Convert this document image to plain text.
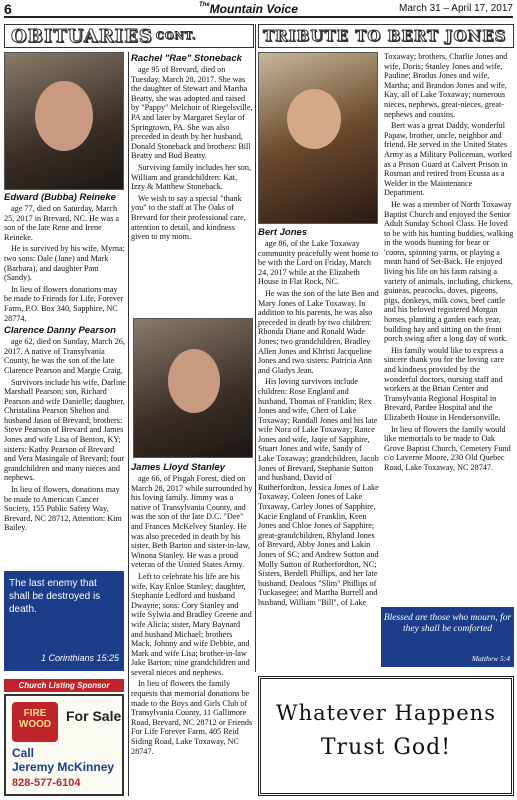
6	$^{The}$Mountain Voice	March 31 – April 17, 2017
OBITUARIES CONT.	TRIBUTE TO BERT JONES
Edward (Bubba) Reineke

age 77, died on Saturday, March 25, 2017 in Brevard, NC. He was a son of the late Rene and Irene Reineke.

He is survived by his wife, Myrna; two sons: Dale (Jane) and Mark (Barbara), and daughter Pam (Sandy).

In lieu of flowers donations may be made to Friends for Life, Forever Farm, P.O. Box 340, Sapphire, NC 28774.

Clarence Danny Pearson

age 62, died on Sunday, March 26, 2017. A native of Transylvania County, he was the son of the late Clarence Pearson and Margie Craig.

Survivors include his wife, Darline Marshall Pearson; son, Richard Pearson and wife Danielle; daughter, Christalina Pearson Shelton and husband Jason of Brevard; brothers: Steve Pearson of Brevard and James Jones and wife Lisa of Benton, KY; sisters: Kathy Pearson of Brevard and Vera Masingale of Brevard; four grandchildren and many nieces and nephews.

In lieu of flowers, donations may be made to American Cancer Society, 155 Public Safety Way, Brevard, NC 28712, Attention: Kim Bailey.

The last enemy that shall be destroyed is death.
1 Corinthians 15:25
Church Listing Sponsor
FIRE WOOD
For Sale
Call
Jeremy McKinney
828-577-6104
Rachel "Rae" Stoneback

age 95 of Brevard, died on Tuesday, March 28, 2017. She was the daughter of Stewart and Martha Beatty, she was adopted and raised by "Pappy" Melchoir of Riegelsville, PA and later by Margaret Seylar of Springtown, PA. She was also preceded in death by her husband, Donald Stoneback and brothers: Bill Beatty and Bud Beatty.

Surviving family includes her son, William and grandchildren: Kat, Izzy & Matthew Stoneback.

We wish to say a special "thank you" to the staff at The Oaks of Brevard for their professional care, attention to detail, and kindness given to my mom.

James Lloyd Stanley

age 66, of Pisgah Forest, died on March 28, 2017 while surrounded by his loving family. Jimmy was a native of Transylvania County, and was the son of the late D.C. "Dee" and Frances McKelvey Stanley. He was also preceded in death by his sister, Beth Barton and sister-in-law, Winona Stanley. He was a proud veteran of the United States Army.

Left to celebrate his life are his wife, Kay Enloe Stanley; daughter, Stephanie Ledford and husband Dwayne; sons: Cory Stanley and wife Sylwia and Bradley Greene and wife Alicia; sister, Mary Baynard and husband Michael; brothers Mack, Johnny and wife Debbie, and Mark and wife Lisa; brother-in-law Jake Barton; nine grandchildren and several nieces and nephews.

In lieu of flowers the family requests that memorial donations be made to the Boys and Girls Club of Transylvania County, 11 Gallimore Road, Brevard, NC 28712 or Friends For Life Forever Farm, 405 Reid Siding Road, Lake Toxaway, NC 28747.

Bert Jones

age 86, of the Lake Toxaway community peacefully went home to be with the Lord on Friday, March 24, 2017 while at the Elizabeth House in Flat Rock, NC.

He was the son of the late Ben and Mary Jones of Lake Toxaway. In addition to his parents, he was also preceded in death by two children: Rhonda Diane and Ronald Wade Jones; two grandchildren, Bradley Allen Jones and Khristi Jacqueline Jones and two sisters: Patricia Ann and Gladys Jean.

His loving survivors include children: Rose England and husband, Thomas of Franklin; Rex Jones and wife, Cheri of Lake Toxaway; Randall Jones and his late wife Nora of Lake Toxaway; Rance Jones and wife, Jaqie of Sapphire, Stuart Jones and wife, Sandy of Lake Toxaway; grandchildren, Jacob Jones of Brevard, Stephanie Sutton and husband, David of Rutherfordton, Jessica Jones of Lake Toxaway, Coleen Jones of Lake Toxaway, Carley Jones of Sapphire, Kacie England of Franklin, Keen Jones and Chloe Jones of Sapphire; great-grandchildren, Rhyland Jones of Brevard, Abby Jones and Lakin Jones of SC; and Andrew Sutton and Molly Sutton of Rutherfordton, NC; Sisters, Berdell Phillips, and her late husband, Dealous "Slim" Phillips of Tuckasegee; and Martha Burrell and husband, William "Bill", of Lake

Toxaway; brothers, Charlie Jones and wife, Doris; Stanley Jones and wife, Pauline; Brodus Jones and wife, Martha; and Brandon Jones and wife, Kay, all of Lake Toxaway; numerous nieces, nephews, great-nieces, great-nephews and cousins.

Bert was a great Daddy, wonderful Papaw, brother, uncle, neighbor and friend. He served in the United States Army as a Military Policeman, worked as a Prison Guard at Calvert Prison in Rosman and retired from Ecusta as a Welder in the Maintenance Department.

He was a member of North Toxaway Baptist Church and enjoyed the Senior Adult Sunday School Class. He loved to be with his hunting buddies, walking in the woods hunting for bear or 'coons, spinning yarns, or playing a mean hand of Set-Back. He enjoyed living his life on his farm raising a variety of animals, including, chickens, guineas, peacocks, doves, pigeons, pigs, donkeys, milk cows, beef cattle and his beloved registered Morgan horses, planting a garden each year, building hay and sitting on the front porch swing after a long day of work.

His family would like to express a sincere thank you for the loving care and kindness provided by the wonderful doctors, nursing staff and workers at the Brian Center and Transylvania Regional Hospital in Brevard, Pardee Hospital and the Elizabeth House in Hendersonville.

In lieu of flowers the family would like memorials to be made to Oak Grove Baptist Church, Cemetery Fund c/o Laverne Moore, 230 Old Quebec Road, Lake Toxaway, NC 28747.

Blessed are those who mourn, for they shall be comforted
Matthew 5:4
Whatever Happens
Trust God!
